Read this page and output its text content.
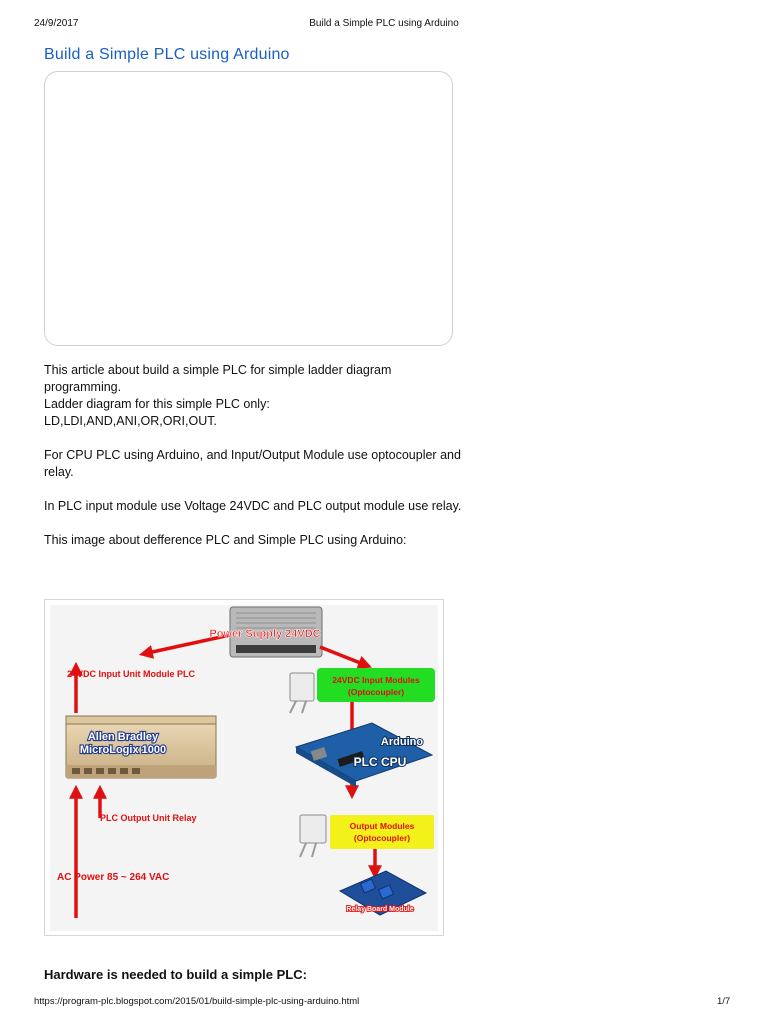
24/9/2017	Build a Simple PLC using Arduino
Build a Simple PLC using Arduino

This article about build a simple PLC for simple ladder diagram programming.

Ladder diagram for this simple PLC only:

LD,LDI,AND,ANI,OR,ORI,OUT.

For CPU PLC using Arduino, and Input/Output Module use optocoupler and relay.

In PLC input module use Voltage 24VDC and PLC output module use relay.

This image about defference PLC and Simple PLC using Arduino:

Power Supply 24VDC
24VDC Input Unit Module PLC
Allen Bradley
MicroLogix 1000
PLC Output Unit Relay
AC Power 85 ~ 264 VAC
24VDC Input Modules
(Optocoupler)
Arduino
PLC CPU
Output Modules
(Optocoupler)
Relay Board Module
Hardware is needed to build a simple PLC:
https://program-plc.blogspot.com/2015/01/build-simple-plc-using-arduino.html	1/7
